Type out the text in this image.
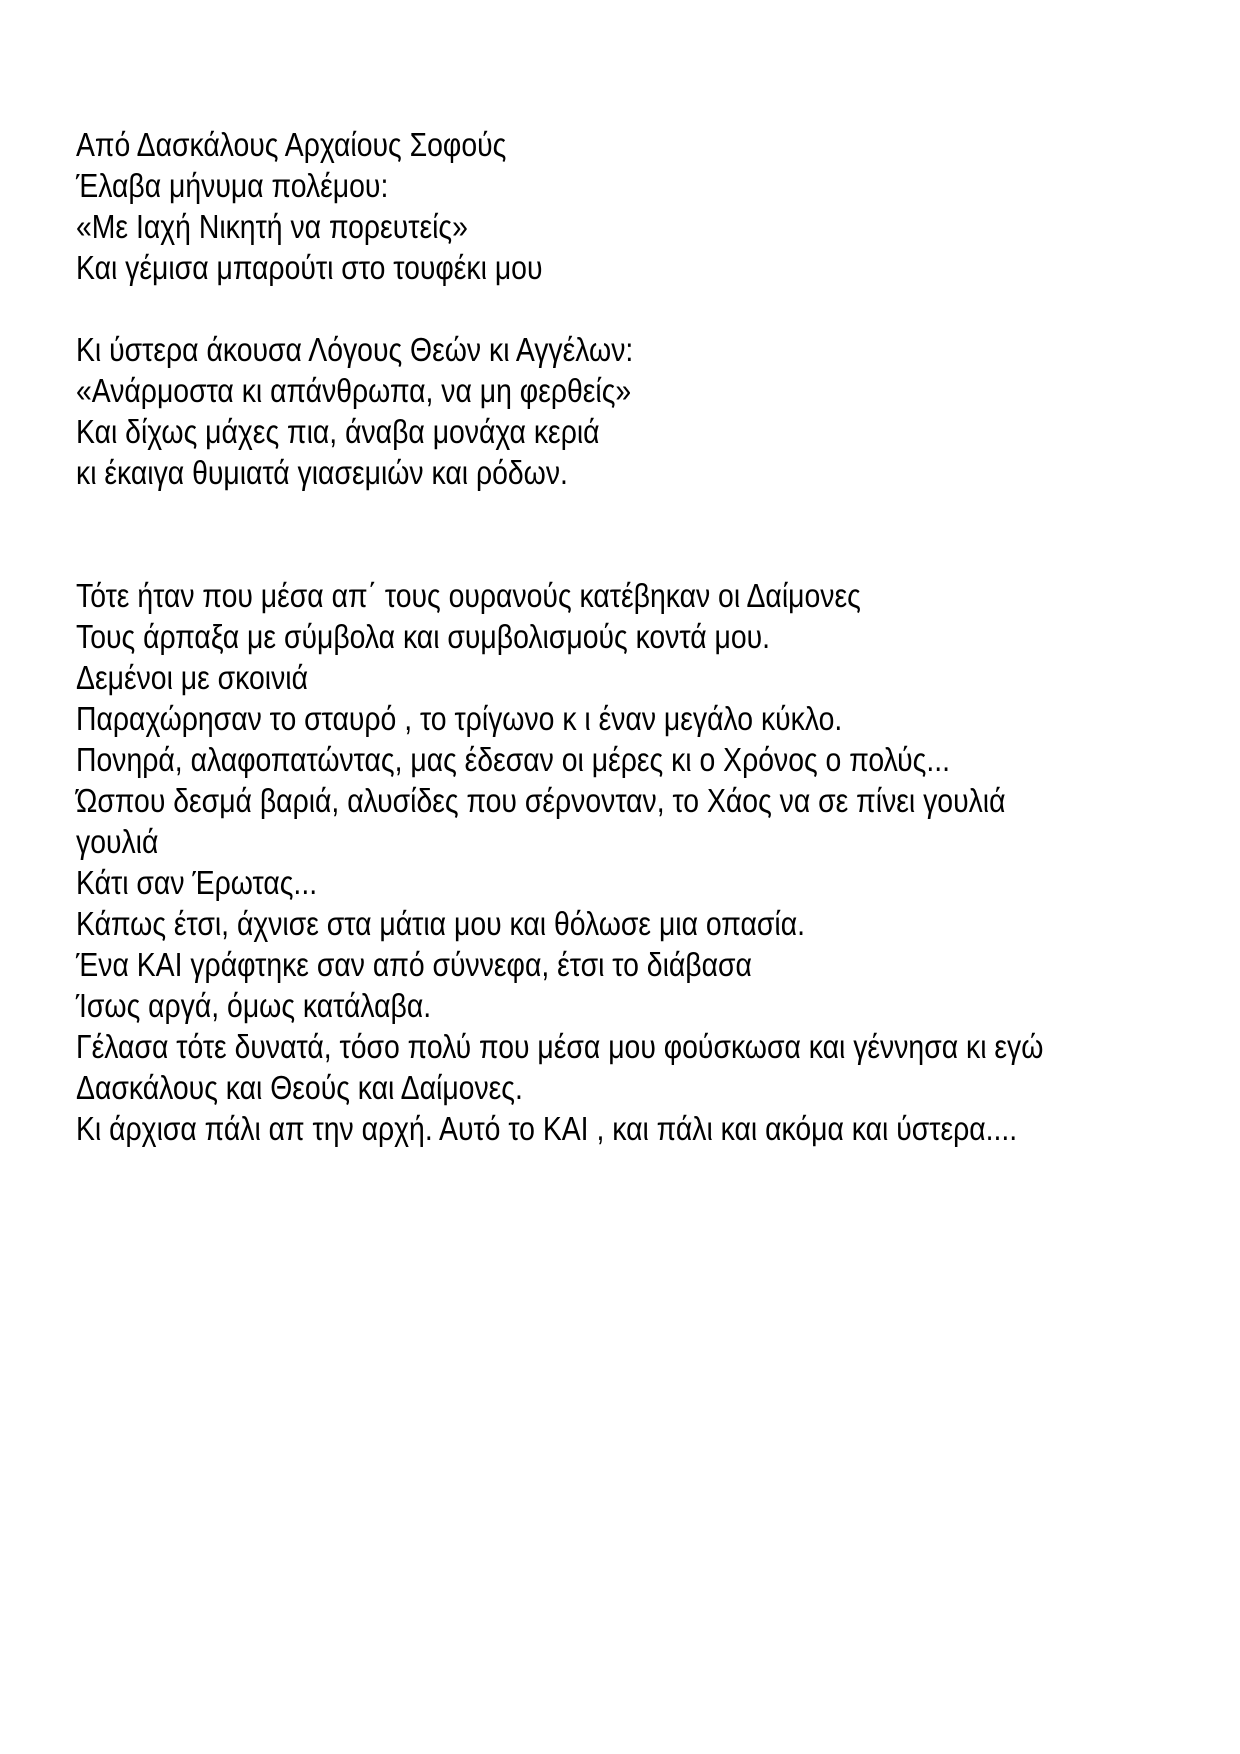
Από Δασκάλους Αρχαίους Σοφούς
Έλαβα μήνυμα πολέμου:
«Με Ιαχή Νικητή να πορευτείς»
Και γέμισα μπαρούτι στο τουφέκι μου
Κι ύστερα άκουσα Λόγους Θεών κι Αγγέλων:
«Ανάρμοστα κι απάνθρωπα, να μη φερθείς»
Και δίχως μάχες πια, άναβα μονάχα κεριά
κι έκαιγα θυμιατά γιασεμιών και ρόδων.
Τότε ήταν που μέσα απ΄ τους ουρανούς κατέβηκαν οι Δαίμονες
Τους άρπαξα με σύμβολα και συμβολισμούς κοντά μου.
Δεμένοι με σκοινιά
Παραχώρησαν το σταυρό , το τρίγωνο κ ι έναν μεγάλο κύκλο.
Πονηρά, αλαφοπατώντας, μας έδεσαν οι μέρες κι ο Χρόνος ο πολύς...
Ώσπου δεσμά βαριά, αλυσίδες που σέρνονταν, το Χάος να σε πίνει γουλιά
γουλιά
Κάτι σαν Έρωτας...
Κάπως έτσι, άχνισε στα μάτια μου και θόλωσε μια οπασία.
Ένα ΚΑΙ γράφτηκε σαν από σύννεφα, έτσι το διάβασα
Ίσως αργά, όμως κατάλαβα.
Γέλασα τότε δυνατά, τόσο πολύ που μέσα μου φούσκωσα και γέννησα κι εγώ
Δασκάλους και Θεούς και Δαίμονες.
Κι άρχισα πάλι απ την αρχή. Αυτό το ΚΑΙ , και πάλι και ακόμα και ύστερα....
